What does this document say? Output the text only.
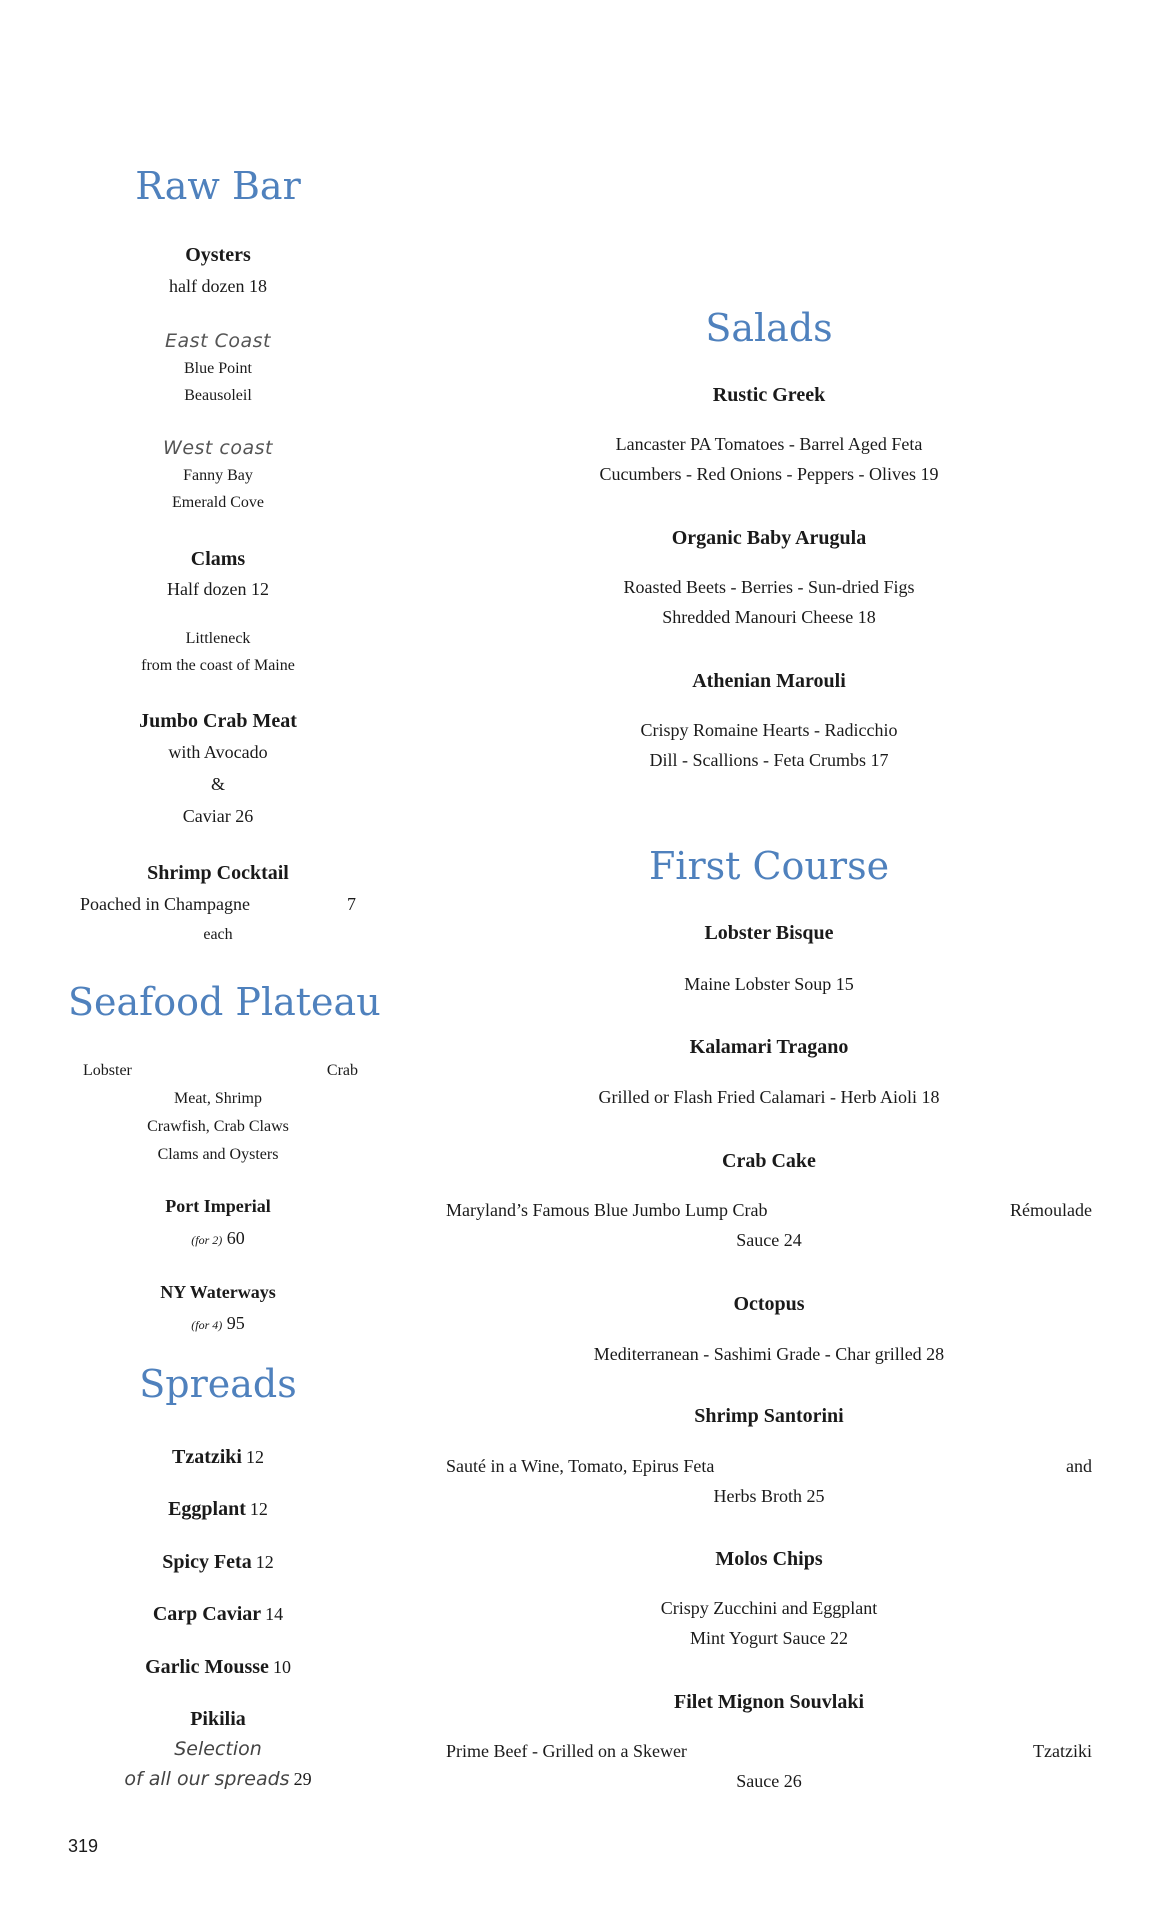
Raw Bar
Oysters
half dozen 18
East Coast
Blue Point
Beausoleil
West coast
Fanny Bay
Emerald Cove
Clams
Half dozen 12
Littleneck
from the coast of Maine
Jumbo Crab Meat
with Avocado
&
Caviar 26
Shrimp Cocktail
Poached in Champagne	7
each
Seafood Plateau
Lobster	Crab
Meat, Shrimp
Crawfish, Crab Claws
Clams and Oysters
Port Imperial
(for 2) 60
NY Waterways
(for 4) 95
Spreads
Tzatziki 12
Eggplant 12
Spicy Feta 12
Carp Caviar 14
Garlic Mousse 10
Pikilia
Selection
of all our spreads 29
Salads
Rustic Greek
Lancaster PA Tomatoes - Barrel Aged Feta
Cucumbers - Red Onions - Peppers - Olives 19
Organic Baby Arugula
Roasted Beets - Berries - Sun-dried Figs
Shredded Manouri Cheese 18
Athenian Marouli
Crispy Romaine Hearts - Radicchio
Dill - Scallions - Feta Crumbs 17
First Course
Lobster Bisque
Maine Lobster Soup 15
Kalamari Tragano
Grilled or Flash Fried Calamari - Herb Aioli 18
Crab Cake
Maryland’s Famous Blue Jumbo Lump Crab	Rémoulade
Sauce 24
Octopus
Mediterranean - Sashimi Grade - Char grilled 28
Shrimp Santorini
Sauté in a Wine, Tomato, Epirus Feta	and
Herbs Broth 25
Molos Chips
Crispy Zucchini and Eggplant
Mint Yogurt Sauce 22
Filet Mignon Souvlaki
Prime Beef - Grilled on a Skewer	Tzatziki
Sauce 26
319
